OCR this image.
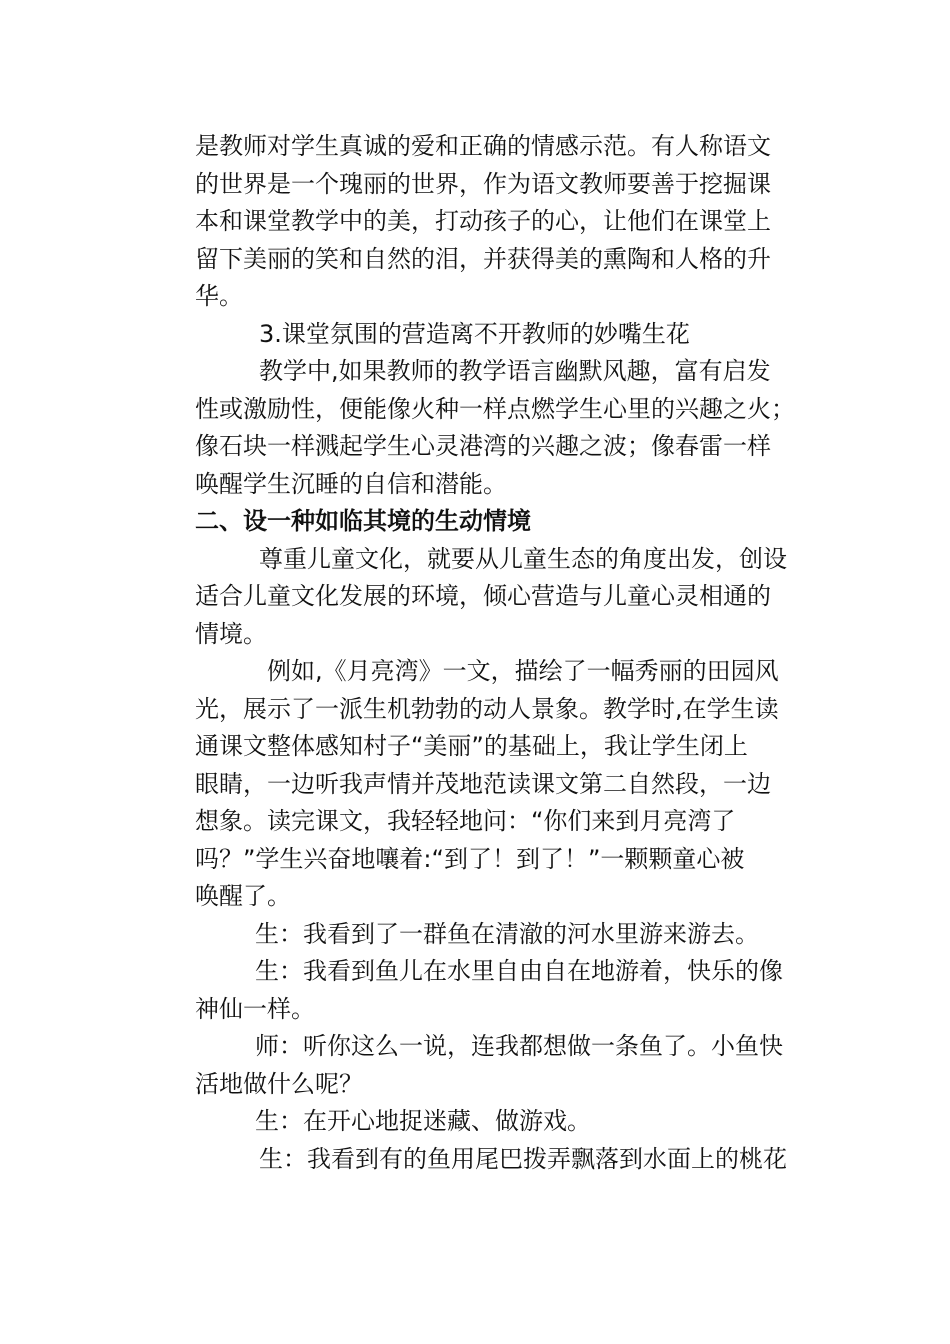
是教师对学生真诚的爱和正确的情感示范。有人称语文
的世界是一个瑰丽的世界，作为语文教师要善于挖掘课
本和课堂教学中的美，打动孩子的心，让他们在课堂上
留下美丽的笑和自然的泪，并获得美的熏陶和人格的升
华。
3.课堂氛围的营造离不开教师的妙嘴生花
教学中,如果教师的教学语言幽默风趣，富有启发
性或激励性，便能像火种一样点燃学生心里的兴趣之火；
像石块一样溅起学生心灵港湾的兴趣之波；像春雷一样
唤醒学生沉睡的自信和潜能。
二、设一种如临其境的生动情境
尊重儿童文化，就要从儿童生态的角度出发，创设
适合儿童文化发展的环境，倾心营造与儿童心灵相通的
情境。
例如,《月亮湾》一文，描绘了一幅秀丽的田园风
光，展示了一派生机勃勃的动人景象。教学时,在学生读
通课文整体感知村子“美丽”的基础上，我让学生闭上
眼睛，一边听我声情并茂地范读课文第二自然段，一边
想象。读完课文，我轻轻地问：“你们来到月亮湾了
吗？”学生兴奋地嚷着:“到了！到了！”一颗颗童心被
唤醒了。
生：我看到了一群鱼在清澈的河水里游来游去。
生：我看到鱼儿在水里自由自在地游着，快乐的像
神仙一样。
师：听你这么一说，连我都想做一条鱼了。小鱼快
活地做什么呢？
生：在开心地捉迷藏、做游戏。
生：我看到有的鱼用尾巴拨弄飘落到水面上的桃花
